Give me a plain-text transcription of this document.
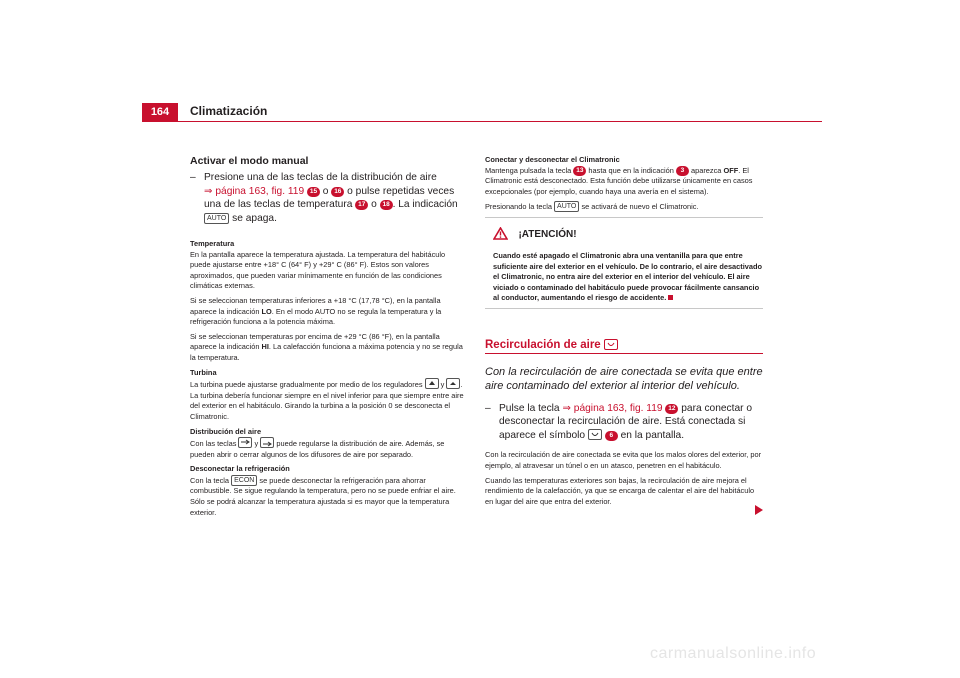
164	Climatización

Activar el modo manual

– Presione una de las teclas de la distribución de aire
⇒ página 163, fig. 119 15 o 16 o pulse repetidas veces una de las teclas de temperatura 17 o 18 . La indicación AUTO se apaga.

Temperatura

En la pantalla aparece la temperatura ajustada. La temperatura del habitáculo puede ajustarse entre +18° C (64° F) y +29° C (86° F). Estos son valores aproximados, que pueden variar mínimamente en función de las condiciones climáticas externas.

Si se seleccionan temperaturas inferiores a +18 °C (17,78 °C), en la pantalla aparece la indicación LO. En el modo AUTO no se regula la temperatura y la refrigeración funciona a la potencia máxima.

Si se seleccionan temperaturas por encima de +29 °C (86 °F), en la pantalla aparece la indicación HI. La calefacción funciona a máxima potencia y no se regula la temperatura.

Turbina

La turbina puede ajustarse gradualmente por medio de los reguladores y . La turbina debería funcionar siempre en el nivel inferior para que siempre entre aire del exterior en el habitáculo. Girando la turbina a la posición 0 se desconecta el Climatronic.

Distribución del aire

Con las teclas y puede regularse la distribución de aire. Además, se pueden abrir o cerrar algunos de los difusores de aire por separado.

Desconectar la refrigeración

Con la tecla ECON se puede desconectar la refrigeración para ahorrar combustible. Se sigue regulando la temperatura, pero no se puede enfriar el aire. Sólo se podrá alcanzar la temperatura ajustada si es mayor que la temperatura exterior.

Conectar y desconectar el Climatronic

Mantenga pulsada la tecla 13 hasta que en la indicación 3 aparezca OFF. El Climatronic está desconectado. Esta función debe utilizarse únicamente en casos excepcionales (por ejemplo, cuando haya una avería en el sistema).

Presionando la tecla AUTO se activará de nuevo el Climatronic.

¡ATENCIÓN!

Cuando esté apagado el Climatronic abra una ventanilla para que entre suficiente aire del exterior en el vehículo. De lo contrario, el aire desactivado el Climatronic, no entra aire del exterior en el interior del vehículo. El aire viciado o contaminado del habitáculo puede provocar fácilmente cansancio al conductor, aumentando el riesgo de accidente.

Recirculación de aire

Con la recirculación de aire conectada se evita que entre aire contaminado del exterior al interior del vehículo.

– Pulse la tecla ⇒ página 163, fig. 119 12 para conectar o desconectar la recirculación de aire. Está conectada si aparece el símbolo	6 en la pantalla.

Con la recirculación de aire conectada se evita que los malos olores del exterior, por ejemplo, al atravesar un túnel o en un atasco, penetren en el habitáculo.

Cuando las temperaturas exteriores son bajas, la recirculación de aire mejora el rendimiento de la calefacción, ya que se encarga de calentar el aire del habitáculo en lugar del aire que entra del exterior.

carmanualsonline.info
